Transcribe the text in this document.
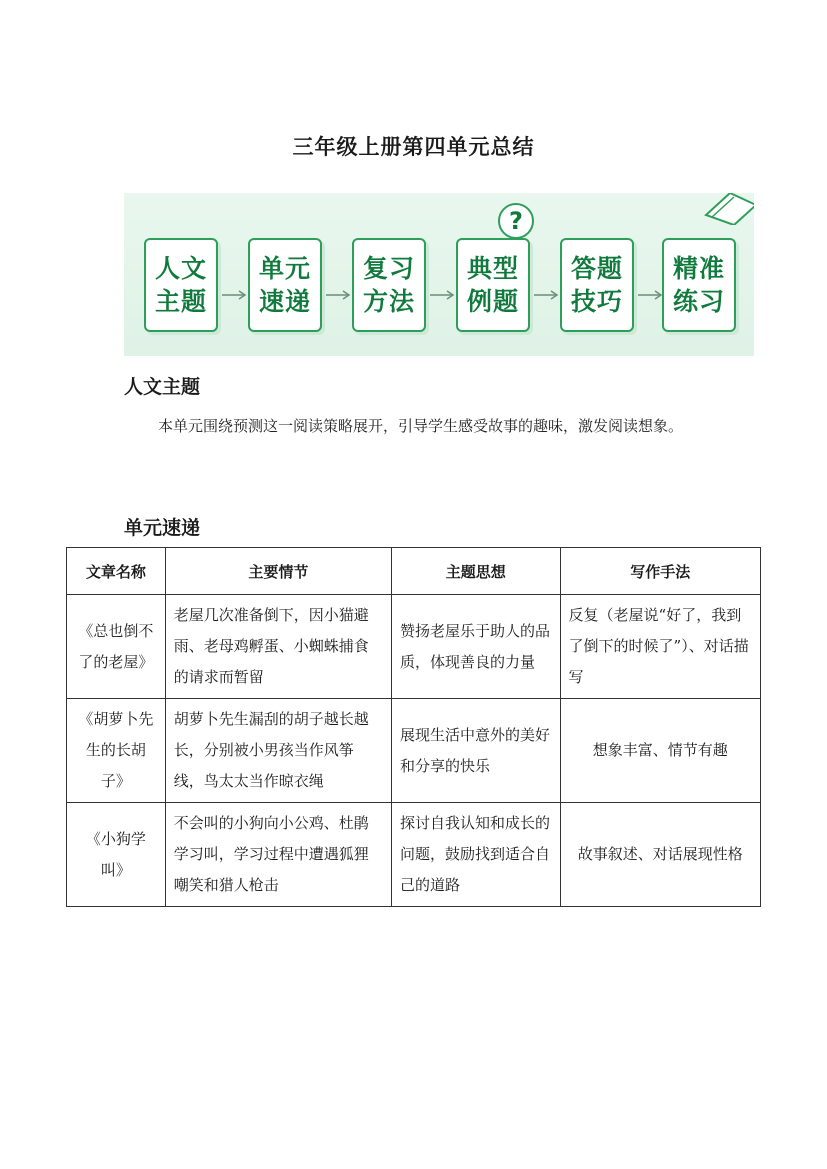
三年级上册第四单元总结
?
人文
主题
单元
速递
复习
方法
典型
例题
答题
技巧
精准
练习
人文主题
本单元围绕预测这一阅读策略展开，引导学生感受故事的趣味，激发阅读想象。
单元速递
文章名称	主要情节	主题思想	写作手法
《总也倒不了的老屋》	老屋几次准备倒下，因小猫避雨、老母鸡孵蛋、小蜘蛛捕食的请求而暂留	赞扬老屋乐于助人的品质，体现善良的力量	反复（老屋说“好了，我到了倒下的时候了”）、对话描写
《胡萝卜先生的长胡子》	胡萝卜先生漏刮的胡子越长越长，分别被小男孩当作风筝线，鸟太太当作晾衣绳	展现生活中意外的美好和分享的快乐	想象丰富、情节有趣
《小狗学叫》	不会叫的小狗向小公鸡、杜鹃学习叫，学习过程中遭遇狐狸嘲笑和猎人枪击	探讨自我认知和成长的问题，鼓励找到适合自己的道路	故事叙述、对话展现性格
